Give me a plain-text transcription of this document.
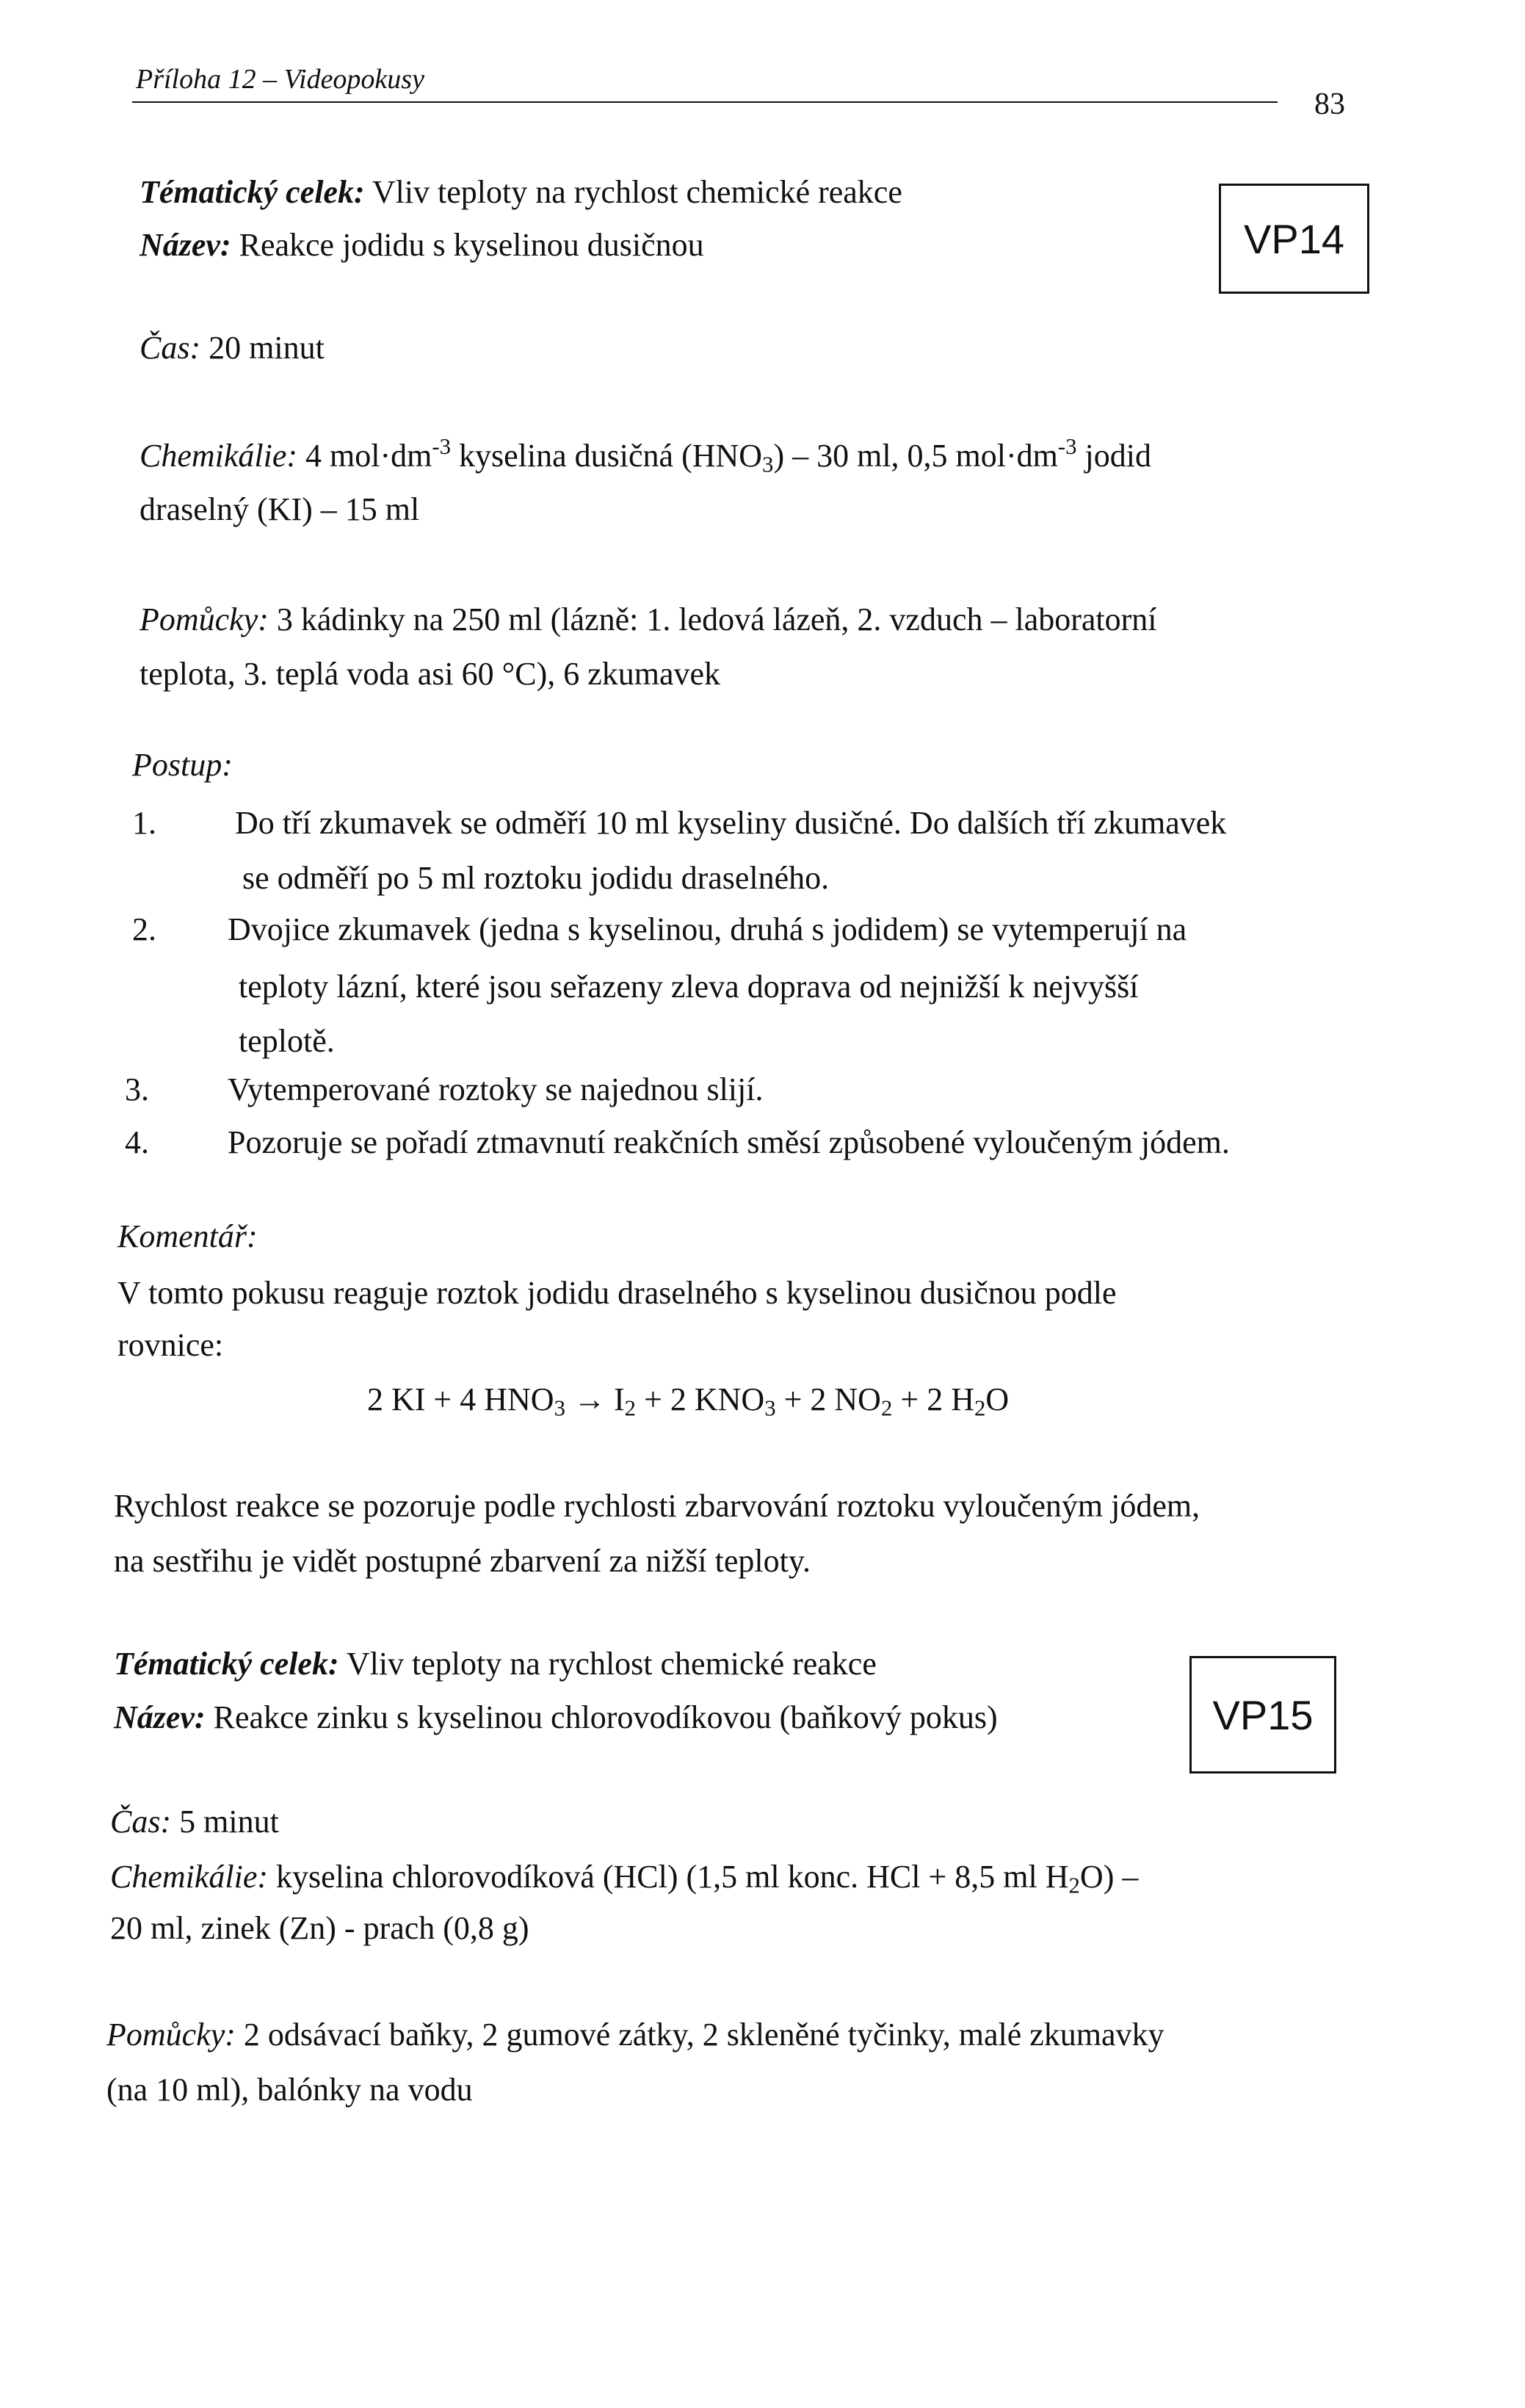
Příloha 12 – Videopokusy
83
VP14
Tématický celek: Vliv teploty na rychlost chemické reakce
Název: Reakce jodidu s kyselinou dusičnou
Čas: 20 minut
Chemikálie: 4 $mol\cdot dm^{-3}$ kyselina dusičná $(HNO_3) - 30$ ml, 0,5 $mol\cdot dm^{-3}$ jodid
draselný (KI) – 15 ml
Pomůcky: 3 kádinky na 250 ml (lázně: 1. ledová lázeň, 2. vzduch – laboratorní
teplota, 3. teplá voda asi 60 °C), 6 zkumavek
Postup:
1. Do tří zkumavek se odměří 10 ml kyseliny dusičné. Do dalších tří zkumavek
se odměří po 5 ml roztoku jodidu draselného.
2. Dvojice zkumavek (jedna s kyselinou, druhá s jodidem) se vytemperují na
teploty lázní, které jsou seřazeny zleva doprava od nejnižší k nejvyšší
teplotě.
3. Vytemperované roztoky se najednou slijí.
4. Pozoruje se pořadí ztmavnutí reakčních směsí způsobené vyloučeným jódem.
Komentář:
V tomto pokusu reaguje roztok jodidu draselného s kyselinou dusičnou podle
rovnice:
2 KI + 4 $HNO_3 \to I_2 + 2$ $KNO_3 + 2$ $NO_2 + 2$ $H_2O$
Rychlost reakce se pozoruje podle rychlosti zbarvování roztoku vyloučeným jódem,
na sestřihu je vidět postupné zbarvení za nižší teploty.
VP15
Tématický celek: Vliv teploty na rychlost chemické reakce
Název: Reakce zinku s kyselinou chlorovodíkovou (baňkový pokus)
Čas: 5 minut
Chemikálie: kyselina chlorovodíková (HCl) (1,5 ml konc. HCl + 8,5 ml $H_2O$) –
20 ml, zinek (Zn) - prach (0,8 g)
Pomůcky: 2 odsávací baňky, 2 gumové zátky, 2 skleněné tyčinky, malé zkumavky
(na 10 ml), balónky na vodu
